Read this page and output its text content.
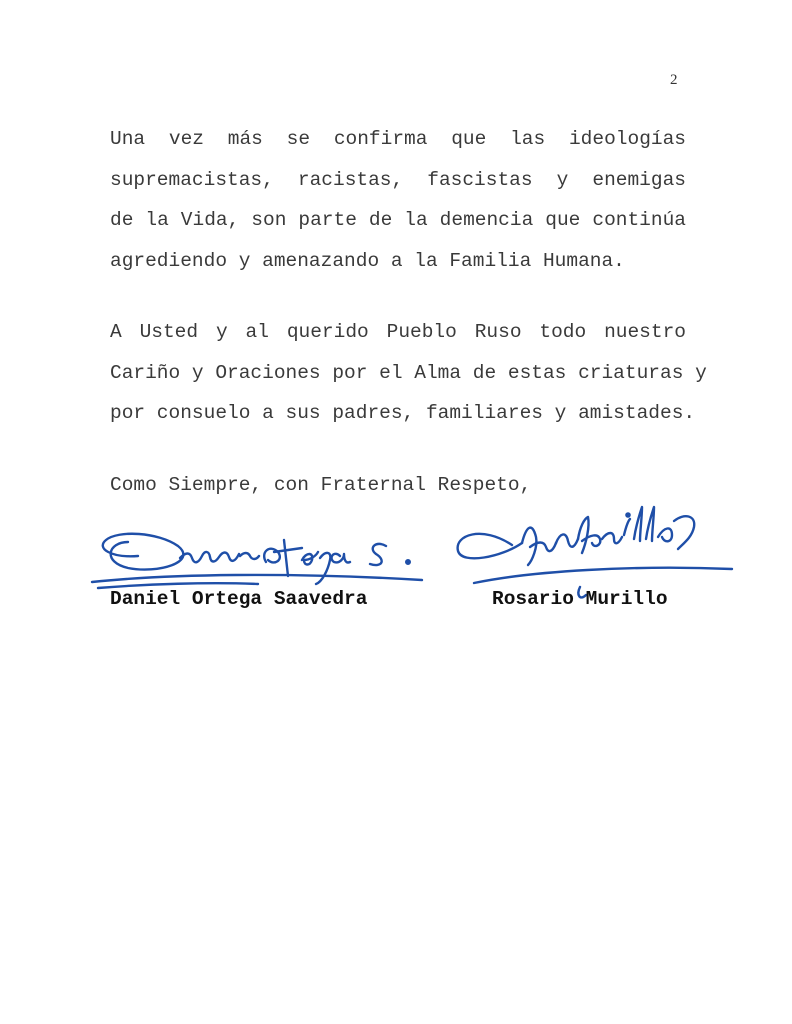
2

Una vez más se confirma que las ideologías
supremacistas, racistas, fascistas y enemigas
de la Vida, son parte de la demencia que continúa
agrediendo y amenazando a la Familia Humana.

A Usted y al querido Pueblo Ruso todo nuestro
Cariño y Oraciones por el Alma de estas criaturas y
por consuelo a sus padres, familiares y amistades.

Como Siempre, con Fraternal Respeto,

Daniel Ortega Saavedra	Rosario Murillo
